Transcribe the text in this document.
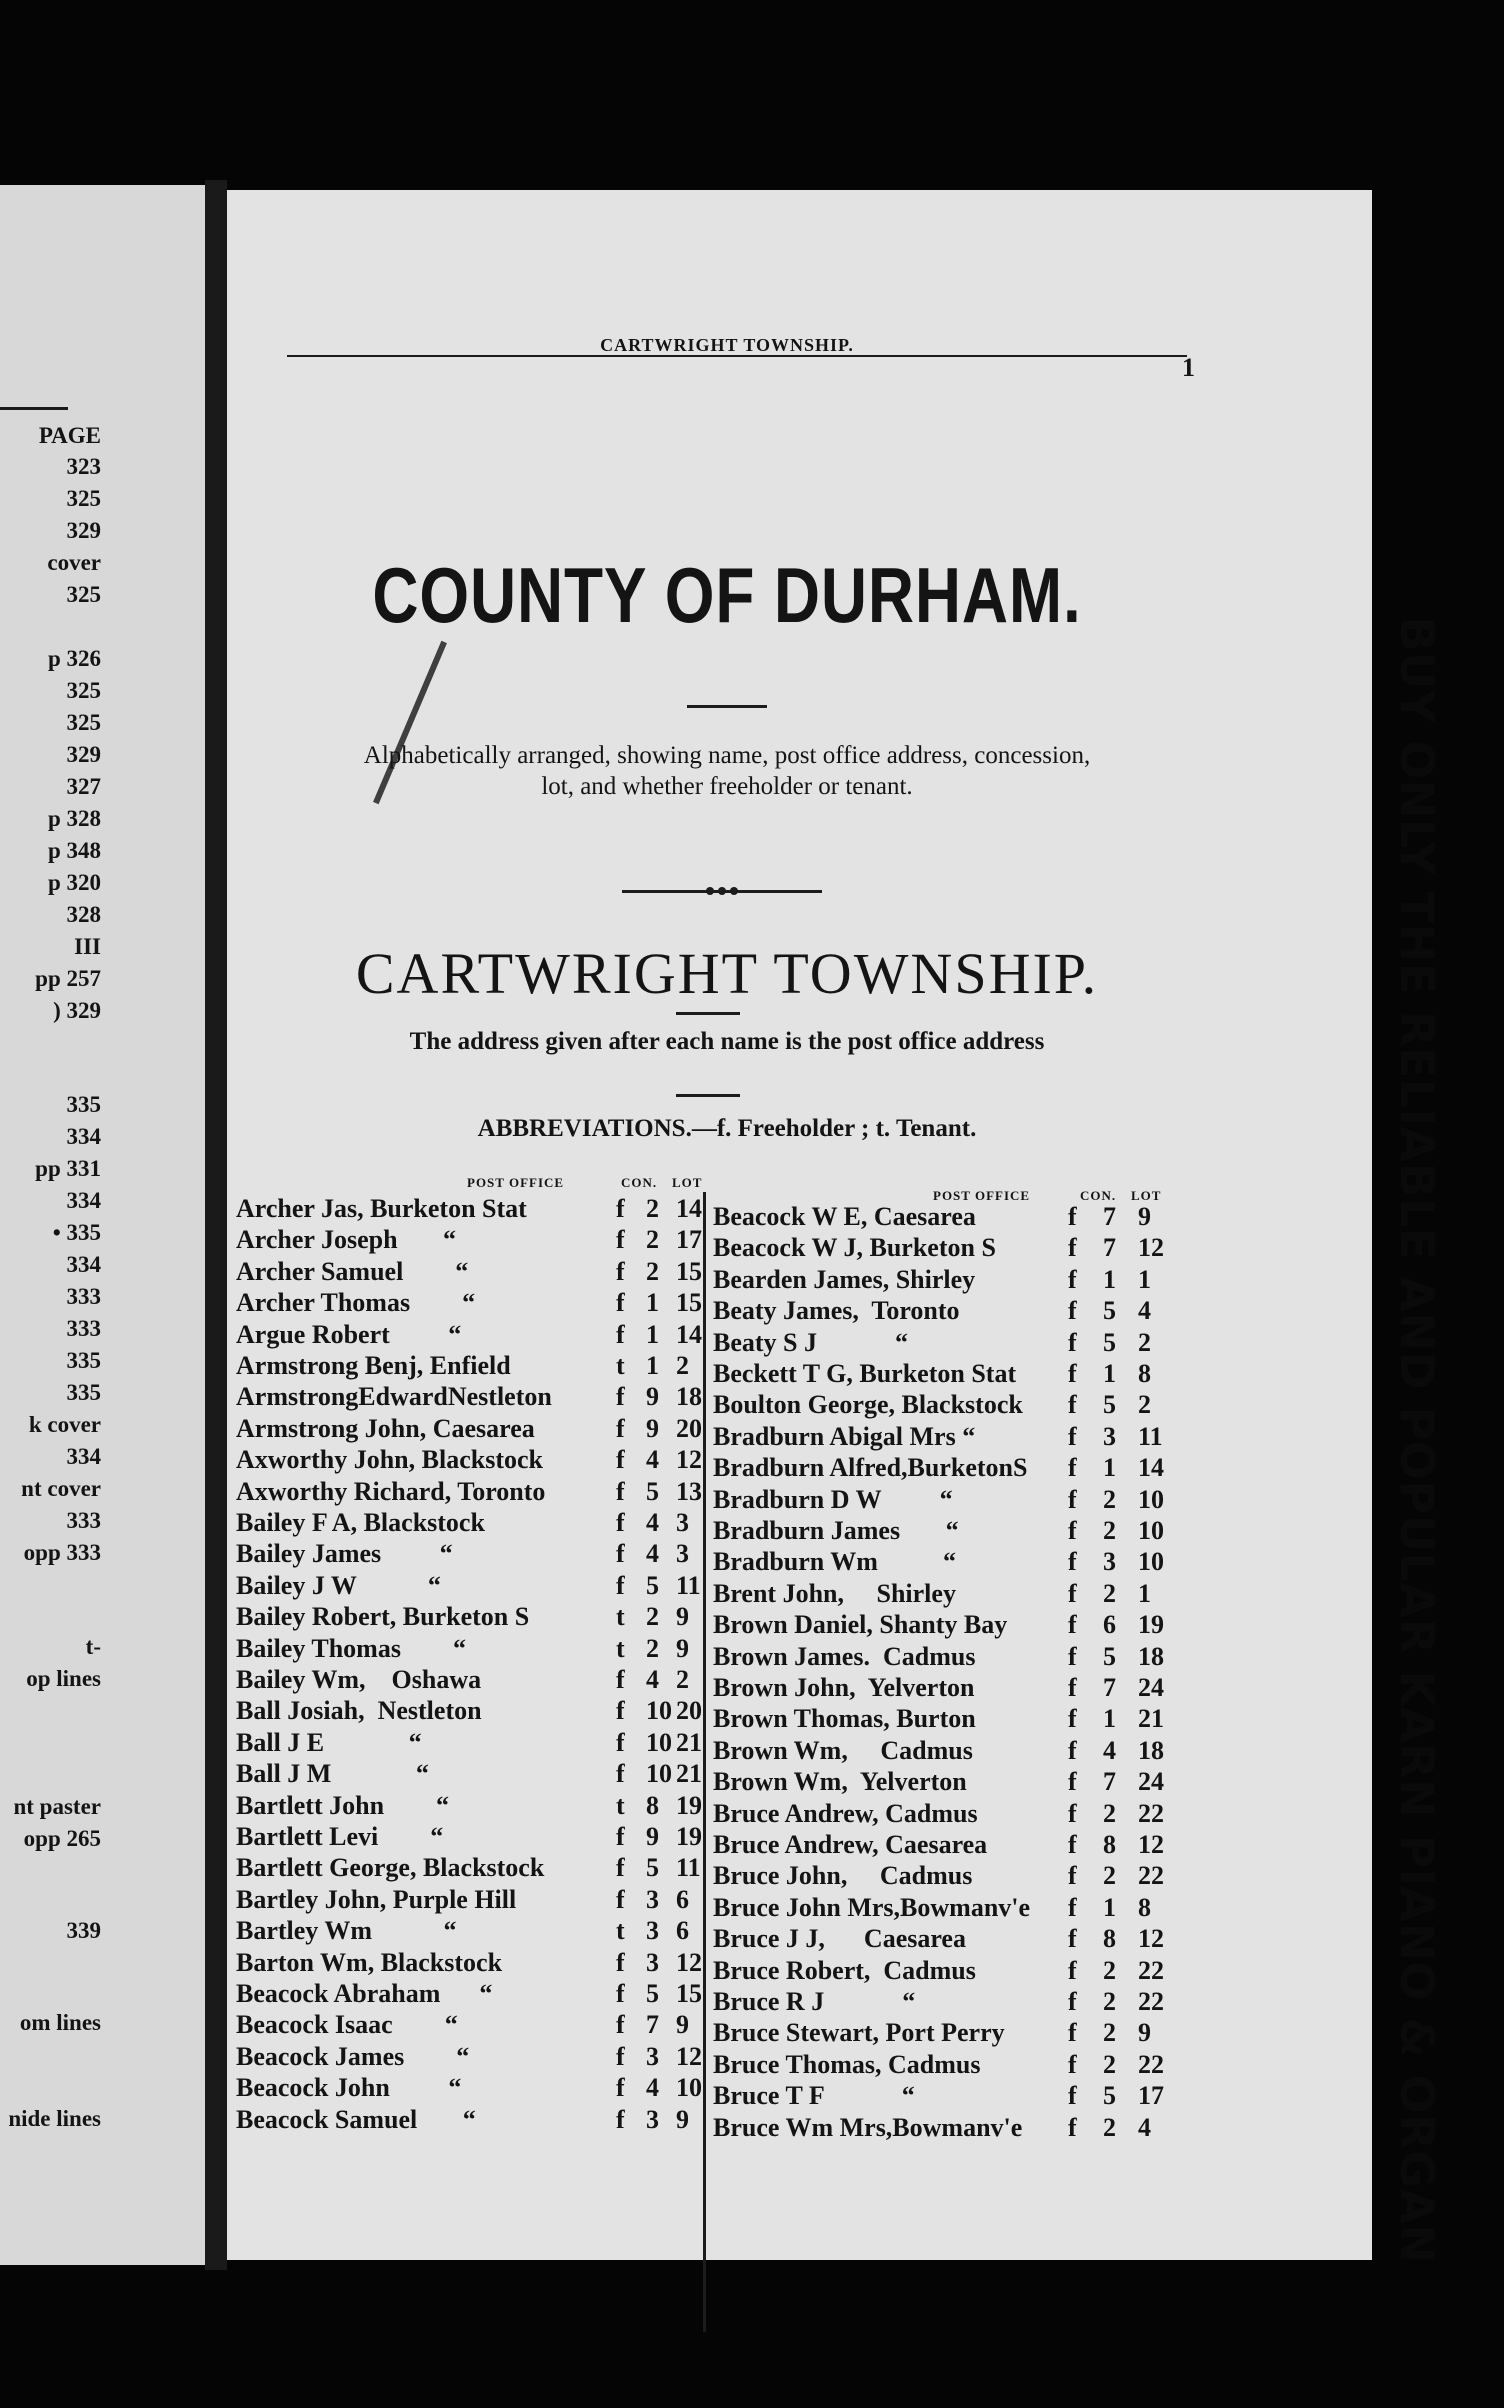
PAGE
323
325
329
cover
325
p 326
325
325
329
327
p 328
p 348
p 320
328
III
pp 257
) 329
335
334
pp 331
334
• 335
334
333
333
335
335
k cover
334
nt cover
333
opp 333
t-
op lines
nt paster
opp 265
339
om lines
nide lines
CARTWRIGHT TOWNSHIP.
1
COUNTY OF DURHAM.
Alphabetically arranged, showing name, post office address, concession,
lot, and whether freeholder or tenant.
CARTWRIGHT TOWNSHIP.
The address given after each name is the post office address
ABBREVIATIONS.—f. Freeholder ; t. Tenant.
POST OFFICE	CON. LOT
POST OFFICE	CON. LOT
Archer Jas, Burketon Stat	f 2 14
Archer Joseph       “	f 2 17
Archer Samuel        “	f 2 15
Archer Thomas        “	f 1 15
Argue Robert         “	f 1 14
Armstrong Benj, Enfield	t 1 2
ArmstrongEdwardNestleton f 9 18
Armstrong John, Caesarea	f 9 20
Axworthy John, Blackstock	f 4 12
Axworthy Richard, Toronto	f 5 13
Bailey F A, Blackstock	f 4 3
Bailey James         “	f 4 3
Bailey J W           “	f 5 11
Bailey Robert, Burketon S	t 2 9
Bailey Thomas        “	t 2 9
Bailey Wm,    Oshawa	f 4 2
Ball Josiah,  Nestleton	f 10 20
Ball J E             “	f 10 21
Ball J M             “	f 10 21
Bartlett John        “	t 8 19
Bartlett Levi        “	f 9 19
Bartlett George, Blackstock	f 5 11
Bartley John, Purple Hill	f 3 6
Bartley Wm           “	t 3 6
Barton Wm, Blackstock	f 3 12
Beacock Abraham      “	f 5 15
Beacock Isaac        “	f 7 9
Beacock James        “	f 3 12
Beacock John         “	f 4 10
Beacock Samuel       “	f 3 9
Beacock W E, Caesarea	f 7 9
Beacock W J, Burketon S	f 7 12
Bearden James, Shirley	f 1 1
Beaty James,  Toronto	f 5 4
Beaty S J            “	f 5 2
Beckett T G, Burketon Stat f 1 8
Boulton George, Blackstock f 5 2
Bradburn Abigal Mrs “	f 3 11
Bradburn Alfred,BurketonS f 1 14
Bradburn D W         “	f 2 10
Bradburn James       “	f 2 10
Bradburn Wm          “	f 3 10
Brent John,     Shirley	f 2 1
Brown Daniel, Shanty Bay f 6 19
Brown James.  Cadmus	f 5 18
Brown John,  Yelverton	f 7 24
Brown Thomas, Burton	f 1 21
Brown Wm,     Cadmus	f 4 18
Brown Wm,  Yelverton	f 7 24
Bruce Andrew, Cadmus	f 2 22
Bruce Andrew, Caesarea	f 8 12
Bruce John,     Cadmus	f 2 22
Bruce John Mrs,Bowmanv'e f 1 8
Bruce J J,      Caesarea	f 8 12
Bruce Robert,  Cadmus	f 2 22
Bruce R J            “	f 2 22
Bruce Stewart, Port Perry f 2 9
Bruce Thomas, Cadmus	f 2 22
Bruce T F            “	f 5 17
Bruce Wm Mrs,Bowmanv'e f 2 4	BUY ONLY THE RELIABLE AND POPULAR KARN PIANO & ORGAN
